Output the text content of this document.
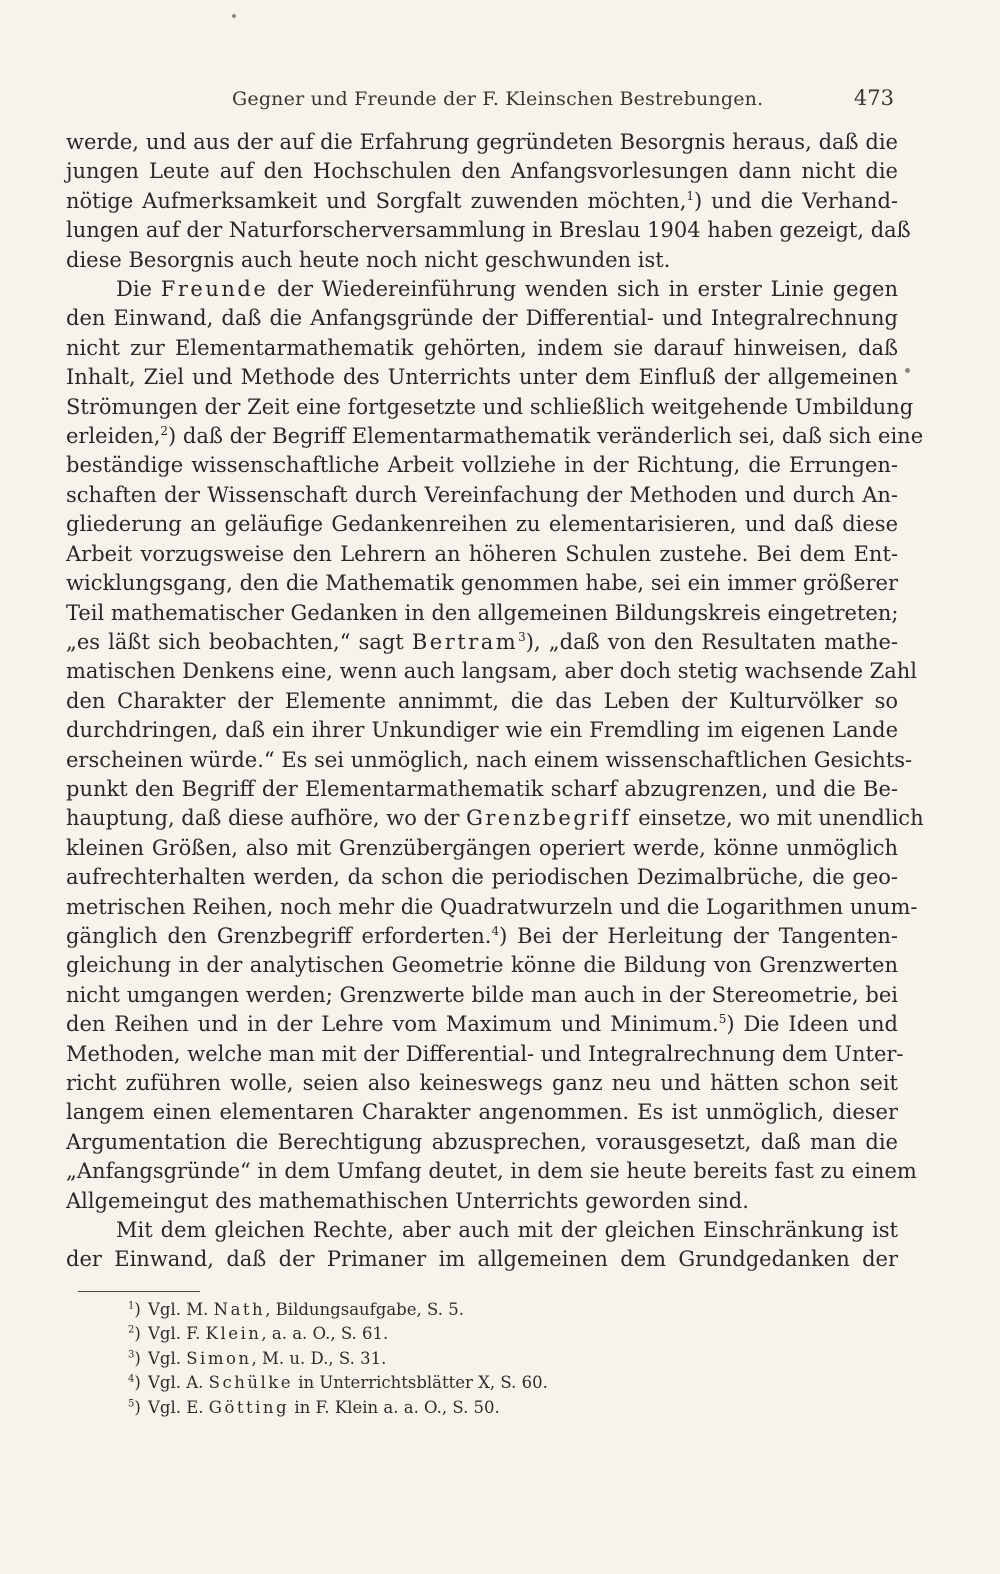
Gegner und Freunde der F. Kleinschen Bestrebungen.	473
werde, und aus der auf die Erfahrung gegründeten Besorgnis heraus, daß die
jungen Leute auf den Hochschulen den Anfangsvorlesungen dann nicht die
nötige Aufmerksamkeit und Sorgfalt zuwenden möchten,$^1$) und die Verhand-
lungen auf der Naturforscherversammlung in Breslau 1904 haben gezeigt, daß
diese Besorgnis auch heute noch nicht geschwunden ist.
Die Freunde der Wiedereinführung wenden sich in erster Linie gegen
den Einwand, daß die Anfangsgründe der Differential- und Integralrechnung
nicht zur Elementarmathematik gehörten, indem sie darauf hinweisen, daß
Inhalt, Ziel und Methode des Unterrichts unter dem Einfluß der allgemeinen
Strömungen der Zeit eine fortgesetzte und schließlich weitgehende Umbildung
erleiden,$^2$) daß der Begriff Elementarmathematik veränderlich sei, daß sich eine
beständige wissenschaftliche Arbeit vollziehe in der Richtung, die Errungen-
schaften der Wissenschaft durch Vereinfachung der Methoden und durch An-
gliederung an geläufige Gedankenreihen zu elementarisieren, und daß diese
Arbeit vorzugsweise den Lehrern an höheren Schulen zustehe. Bei dem Ent-
wicklungsgang, den die Mathematik genommen habe, sei ein immer größerer
Teil mathematischer Gedanken in den allgemeinen Bildungskreis eingetreten;
„es läßt sich beobachten,“ sagt Bertram$^3$), „daß von den Resultaten mathe-
matischen Denkens eine, wenn auch langsam, aber doch stetig wachsende Zahl
den Charakter der Elemente annimmt, die das Leben der Kulturvölker so
durchdringen, daß ein ihrer Unkundiger wie ein Fremdling im eigenen Lande
erscheinen würde.“ Es sei unmöglich, nach einem wissenschaftlichen Gesichts-
punkt den Begriff der Elementarmathematik scharf abzugrenzen, und die Be-
hauptung, daß diese aufhöre, wo der Grenzbegriff einsetze, wo mit unendlich
kleinen Größen, also mit Grenzübergängen operiert werde, könne unmöglich
aufrechterhalten werden, da schon die periodischen Dezimalbrüche, die geo-
metrischen Reihen, noch mehr die Quadratwurzeln und die Logarithmen unum-
gänglich den Grenzbegriff erforderten.$^4$) Bei der Herleitung der Tangenten-
gleichung in der analytischen Geometrie könne die Bildung von Grenzwerten
nicht umgangen werden; Grenzwerte bilde man auch in der Stereometrie, bei
den Reihen und in der Lehre vom Maximum und Minimum.$^5$) Die Ideen und
Methoden, welche man mit der Differential- und Integralrechnung dem Unter-
richt zuführen wolle, seien also keineswegs ganz neu und hätten schon seit
langem einen elementaren Charakter angenommen. Es ist unmöglich, dieser
Argumentation die Berechtigung abzusprechen, vorausgesetzt, daß man die
„Anfangsgründe“ in dem Umfang deutet, in dem sie heute bereits fast zu einem
Allgemeingut des mathemathischen Unterrichts geworden sind.
Mit dem gleichen Rechte, aber auch mit der gleichen Einschränkung ist
der Einwand, daß der Primaner im allgemeinen dem Grundgedanken der
$^1$) Vgl. M. Nath, Bildungsaufgabe, S. 5.
$^2$) Vgl. F. Klein, a. a. O., S. 61.
$^3$) Vgl. Simon, M. u. D., S. 31.
$^4$) Vgl. A. Schülke in Unterrichtsblätter X, S. 60.
$^5$) Vgl. E. Götting in F. Klein a. a. O., S. 50.
